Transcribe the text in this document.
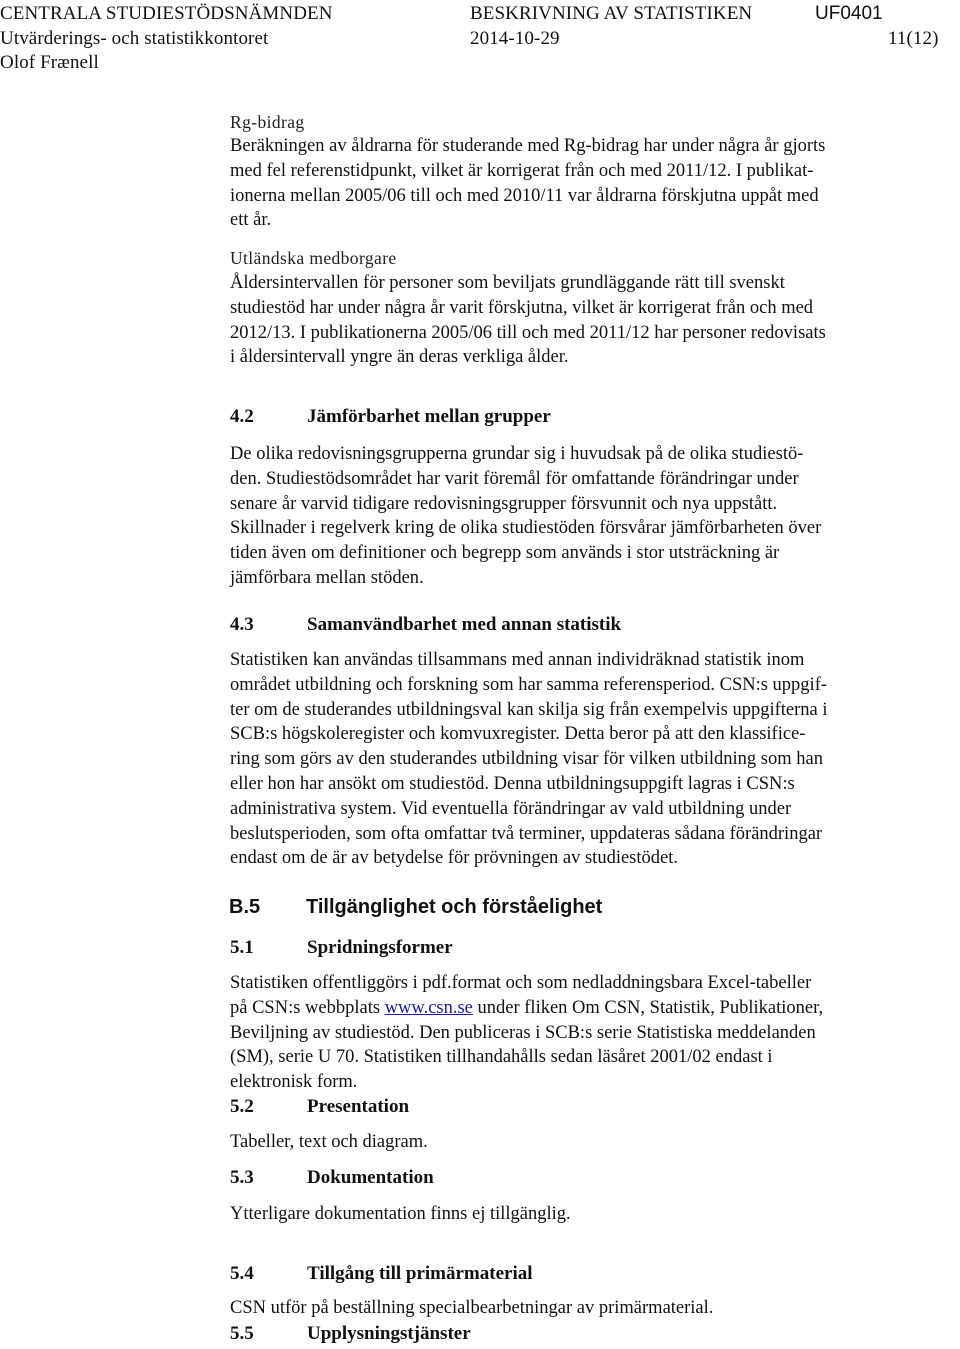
CENTRALA STUDIESTÖDSNÄMNDEN	BESKRIVNING AV STATISTIKEN	UF0401
Utvärderings- och statistikkontoret	2014-10-29	11(12)
Olof Frænell
Rg-bidrag

Beräkningen av åldrarna för studerande med Rg-bidrag har under några år gjorts
med fel referenstidpunkt, vilket är korrigerat från och med 2011/12. I publikat-
ionerna mellan 2005/06 till och med 2010/11 var åldrarna förskjutna uppåt med
ett år.

Utländska medborgare

Åldersintervallen för personer som beviljats grundläggande rätt till svenskt
studiestöd har under några år varit förskjutna, vilket är korrigerat från och med
2012/13. I publikationerna 2005/06 till och med 2011/12 har personer redovisats
i åldersintervall yngre än deras verkliga ålder.

4.2	Jämförbarhet mellan grupper

De olika redovisningsgrupperna grundar sig i huvudsak på de olika studiestö-
den. Studiestödsområdet har varit föremål för omfattande förändringar under
senare år varvid tidigare redovisningsgrupper försvunnit och nya uppstått.
Skillnader i regelverk kring de olika studiestöden försvårar jämförbarheten över
tiden även om definitioner och begrepp som används i stor utsträckning är
jämförbara mellan stöden.

4.3	Samanvändbarhet med annan statistik

Statistiken kan användas tillsammans med annan individräknad statistik inom
området utbildning och forskning som har samma referensperiod. CSN:s uppgif-
ter om de studerandes utbildningsval kan skilja sig från exempelvis uppgifterna i
SCB:s högskoleregister och komvuxregister. Detta beror på att den klassifice-
ring som görs av den studerandes utbildning visar för vilken utbildning som han
eller hon har ansökt om studiestöd. Denna utbildningsuppgift lagras i CSN:s
administrativa system. Vid eventuella förändringar av vald utbildning under
beslutsperioden, som ofta omfattar två terminer, uppdateras sådana förändringar
endast om de är av betydelse för prövningen av studiestödet.

B.5 Tillgänglighet och förståelighet
5.1	Spridningsformer

Statistiken offentliggörs i pdf.format och som nedladdningsbara Excel-tabeller
på CSN:s webbplats www.csn.se under fliken Om CSN, Statistik, Publikationer,
Beviljning av studiestöd. Den publiceras i SCB:s serie Statistiska meddelanden
(SM), serie U 70. Statistiken tillhandahålls sedan läsåret 2001/02 endast i
elektronisk form.

5.2	Presentation

Tabeller, text och diagram.

5.3	Dokumentation

Ytterligare dokumentation finns ej tillgänglig.

5.4	Tillgång till primärmaterial

CSN utför på beställning specialbearbetningar av primärmaterial.

5.5	Upplysningstjänster
